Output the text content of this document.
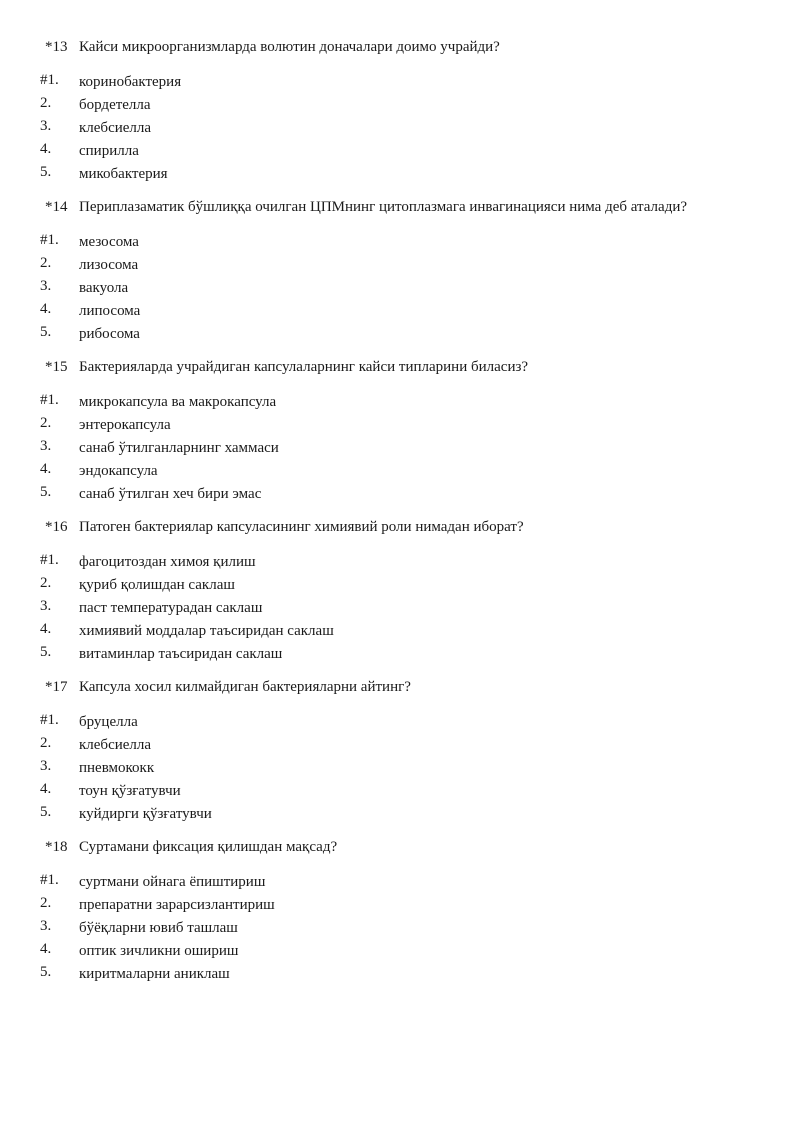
*13 Кайси микроорганизмларда волютин доначалари доимо учрайди?
#1. коринобактерия
2. бордетелла
3. клебсиелла
4. спирилла
5. микобактерия
*14 Периплазаматик бўшлиққа очилган ЦПМнинг цитоплазмага инвагинацияси нима деб аталади?
#1. мезосома
2. лизосома
3. вакуола
4. липосома
5. рибосома
*15 Бактерияларда учрайдиган капсулаларнинг кайси типларини биласиз?
#1. микрокапсула ва макрокапсула
2. энтерокапсула
3. санаб ўтилганларнинг хаммаси
4. эндокапсула
5. санаб ўтилган хеч бири эмас
*16 Патоген бактериялар капсуласининг химиявий роли нимадан иборат?
#1. фагоцитоздан химоя қилиш
2. қуриб қолишдан саклаш
3. паст температурадан саклаш
4. химиявий моддалар таъсиридан саклаш
5. витаминлар таъсиридан саклаш
*17 Капсула хосил килмайдиган бактерияларни айтинг?
#1. бруцелла
2. клебсиелла
3. пневмококк
4. тоун қўзғатувчи
5. куйдирги қўзғатувчи
*18 Суртамани фиксация қилишдан мақсад?
#1. суртмани ойнага ёпиштириш
2. препаратни зарарсизлантириш
3. бўёқларни ювиб ташлаш
4. оптик зичликни ошириш
5. киритмаларни аниклаш
